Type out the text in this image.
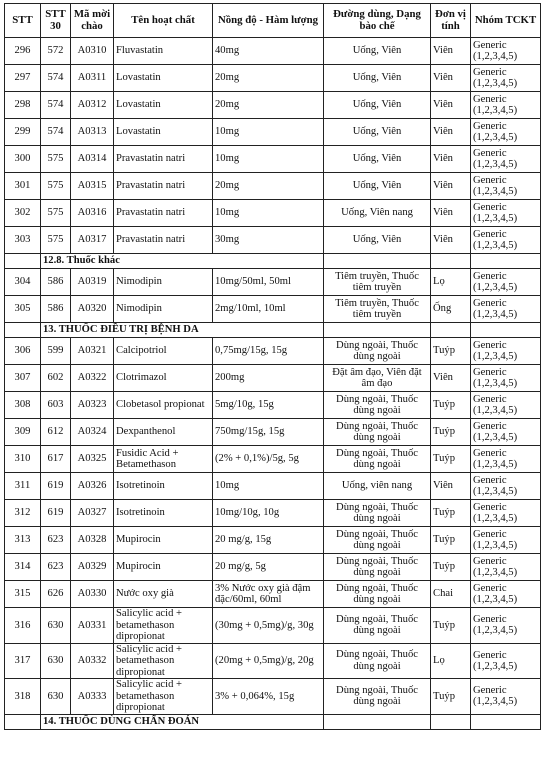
STT	STT 30	Mã mời chào	Tên hoạt chất	Nồng độ - Hàm lượng	Đường dùng, Dạng bào chế	Đơn vị tính	Nhóm TCKT
296	572	A0310	Fluvastatin	40mg	Uống, Viên	Viên	Generic (1,2,3,4,5)
297	574	A0311	Lovastatin	20mg	Uống, Viên	Viên	Generic (1,2,3,4,5)
298	574	A0312	Lovastatin	20mg	Uống, Viên	Viên	Generic (1,2,3,4,5)
299	574	A0313	Lovastatin	10mg	Uống, Viên	Viên	Generic (1,2,3,4,5)
300	575	A0314	Pravastatin natri	10mg	Uống, Viên	Viên	Generic (1,2,3,4,5)
301	575	A0315	Pravastatin natri	20mg	Uống, Viên	Viên	Generic (1,2,3,4,5)
302	575	A0316	Pravastatin natri	10mg	Uống, Viên nang	Viên	Generic (1,2,3,4,5)
303	575	A0317	Pravastatin natri	30mg	Uống, Viên	Viên	Generic (1,2,3,4,5)
	12.8. Thuốc khác						
304	586	A0319	Nimodipin	10mg/50ml, 50ml	Tiêm truyền, Thuốc tiêm truyền	Lọ	Generic (1,2,3,4,5)
305	586	A0320	Nimodipin	2mg/10ml, 10ml	Tiêm truyền, Thuốc tiêm truyền	Ống	Generic (1,2,3,4,5)
	13. THUỐC ĐIỀU TRỊ BỆNH DA						
306	599	A0321	Calcipotriol	0,75mg/15g, 15g	Dùng ngoài, Thuốc dùng ngoài	Tuýp	Generic (1,2,3,4,5)
307	602	A0322	Clotrimazol	200mg	Đặt âm đạo, Viên đặt âm đạo	Viên	Generic (1,2,3,4,5)
308	603	A0323	Clobetasol propionat	5mg/10g, 15g	Dùng ngoài, Thuốc dùng ngoài	Tuýp	Generic (1,2,3,4,5)
309	612	A0324	Dexpanthenol	750mg/15g, 15g	Dùng ngoài, Thuốc dùng ngoài	Tuýp	Generic (1,2,3,4,5)
310	617	A0325	Fusidic Acid + Betamethason	(2% + 0,1%)/5g, 5g	Dùng ngoài, Thuốc dùng ngoài	Tuýp	Generic (1,2,3,4,5)
311	619	A0326	Isotretinoin	10mg	Uống, viên nang	Viên	Generic (1,2,3,4,5)
312	619	A0327	Isotretinoin	10mg/10g, 10g	Dùng ngoài, Thuốc dùng ngoài	Tuýp	Generic (1,2,3,4,5)
313	623	A0328	Mupirocin	20 mg/g, 15g	Dùng ngoài, Thuốc dùng ngoài	Tuýp	Generic (1,2,3,4,5)
314	623	A0329	Mupirocin	20 mg/g, 5g	Dùng ngoài, Thuốc dùng ngoài	Tuýp	Generic (1,2,3,4,5)
315	626	A0330	Nước oxy già	3% Nước oxy già đậm đặc/60ml, 60ml	Dùng ngoài, Thuốc dùng ngoài	Chai	Generic (1,2,3,4,5)
316	630	A0331	Salicylic acid + betamethason dipropionat	(30mg + 0,5mg)/g, 30g	Dùng ngoài, Thuốc dùng ngoài	Tuýp	Generic (1,2,3,4,5)
317	630	A0332	Salicylic acid + betamethason dipropionat	(20mg + 0,5mg)/g, 20g	Dùng ngoài, Thuốc dùng ngoài	Lọ	Generic (1,2,3,4,5)
318	630	A0333	Salicylic acid + betamethason dipropionat	3% + 0,064%, 15g	Dùng ngoài, Thuốc dùng ngoài	Tuýp	Generic (1,2,3,4,5)
	14. THUỐC DÙNG CHẨN ĐOÁN						
